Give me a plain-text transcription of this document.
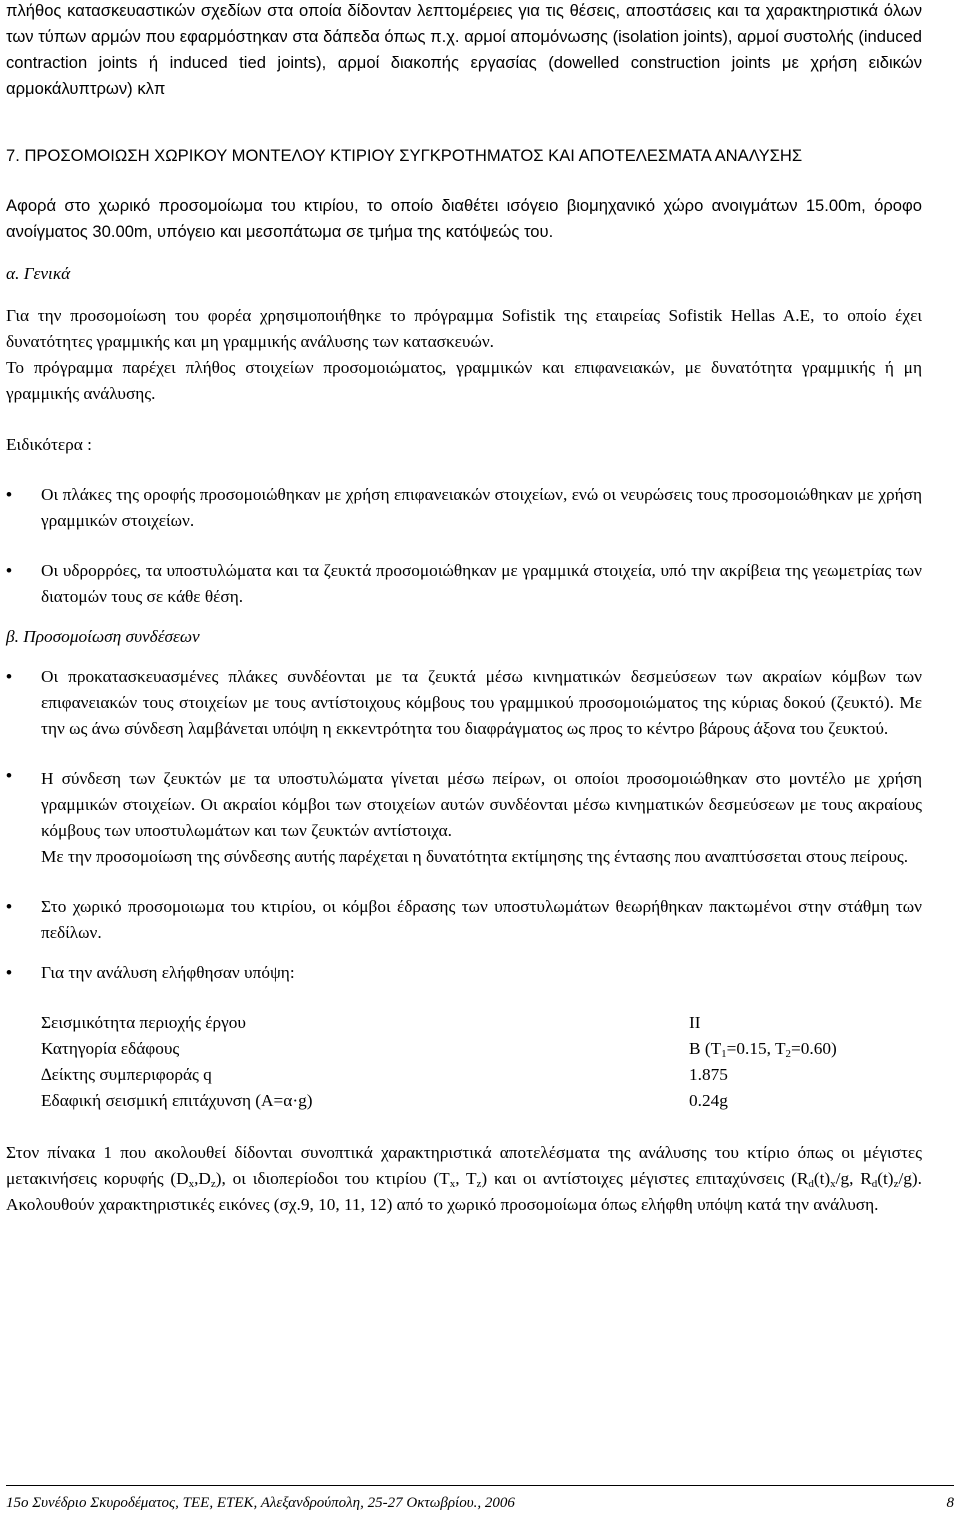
πλήθος κατασκευαστικών σχεδίων στα οποία δίδονταν λεπτομέρειες για τις θέσεις, αποστάσεις και τα χαρακτηριστικά όλων των τύπων αρμών που εφαρμόστηκαν στα δάπεδα όπως π.χ. αρμοί απομόνωσης (isolation joints), αρμοί συστολής (induced contraction joints ή induced tied joints), αρμοί διακοπής εργασίας (dowelled construction joints με χρήση ειδικών αρμοκάλυπτρων) κλπ

7. ΠΡΟΣΟΜΟΙΩΣΗ ΧΩΡΙΚΟΥ ΜΟΝΤΕΛΟΥ ΚΤΙΡΙΟΥ ΣΥΓΚΡΟΤΗΜΑΤΟΣ ΚΑΙ ΑΠΟΤΕΛΕΣΜΑΤΑ ΑΝΑΛΥΣΗΣ

Αφορά στο χωρικό προσομοίωμα του κτιρίου, το οποίο διαθέτει ισόγειο βιομηχανικό χώρο ανοιγμάτων 15.00m, όροφο ανοίγματος 30.00m, υπόγειο και μεσοπάτωμα σε τμήμα της κατόψεώς του.

α. Γενικά

Για την προσομοίωση του φορέα χρησιμοποιήθηκε το πρόγραμμα Sofistik της εταιρείας Sofistik Hellas A.E, το οποίο έχει δυνατότητες γραμμικής και μη γραμμικής ανάλυσης των κατασκευών.

Το πρόγραμμα παρέχει πλήθος στοιχείων προσομοιώματος, γραμμικών και επιφανειακών, με δυνατότητα γραμμικής ή μη γραμμικής ανάλυσης.

Ειδικότερα :

• Οι πλάκες της οροφής προσομοιώθηκαν με χρήση επιφανειακών στοιχείων, ενώ οι νευρώσεις τους προσομοιώθηκαν με χρήση γραμμικών στοιχείων.

• Οι υδρορρόες, τα υποστυλώματα και τα ζευκτά προσομοιώθηκαν με γραμμικά στοιχεία, υπό την ακρίβεια της γεωμετρίας των διατομών τους σε κάθε θέση.

β. Προσομοίωση συνδέσεων

• Οι προκατασκευασμένες πλάκες συνδέονται με τα ζευκτά μέσω κινηματικών δεσμεύσεων των ακραίων κόμβων των επιφανειακών τους στοιχείων με τους αντίστοιχους κόμβους του γραμμικού προσομοιώματος της κύριας δοκού (ζευκτό). Με την ως άνω σύνδεση λαμβάνεται υπόψη η εκκεντρότητα του διαφράγματος ως προς το κέντρο βάρους άξονα του ζευκτού.

• Η σύνδεση των ζευκτών με τα υποστυλώματα γίνεται μέσω πείρων, οι οποίοι προσομοιώθηκαν στο μοντέλο με χρήση γραμμικών στοιχείων. Οι ακραίοι κόμβοι των στοιχείων αυτών συνδέονται μέσω κινηματικών δεσμεύσεων με τους ακραίους κόμβους των υποστυλωμάτων και των ζευκτών αντίστοιχα.

Με την προσομοίωση της σύνδεσης αυτής παρέχεται η δυνατότητα εκτίμησης της έντασης που αναπτύσσεται στους πείρους.

• Στο χωρικό προσομοιωμα του κτιρίου, οι κόμβοι έδρασης των υποστυλωμάτων θεωρήθηκαν πακτωμένοι στην στάθμη των πεδίλων.

• Για την ανάλυση ελήφθησαν υπόψη:

Σεισμικότητα περιοχής έργου	II
Κατηγορία εδάφους	B ($T_1=0.15$, $T_2=0.60$)
∆είκτης συμπεριφοράς q	1.875
Εδαφική σεισμική επιτάχυνση (Α=α·g)	0.24g

Στον πίνακα 1 που ακολουθεί δίδονται συνοπτικά χαρακτηριστικά αποτελέσματα της ανάλυσης του κτίριο όπως οι μέγιστες μετακινήσεις κορυφής $(D_x,D_z)$, οι ιδιοπερίοδοι του κτιρίου ($T_x$, $T_z$) και οι αντίστοιχες μέγιστες επιταχύνσεις ($R_d(t)_x/g$, $R_d(t)_z/g$). Ακολουθούν χαρακτηριστικές εικόνες (σχ.9, 10, 11, 12) από το χωρικό προσομοίωμα όπως ελήφθη υπόψη κατά την ανάλυση.

15ο Συνέδριο Σκυροδέματος, ΤΕΕ, ΕΤΕΚ, Αλεξανδρούπολη, 25-27 Οκτωβρίου., 2006	8
